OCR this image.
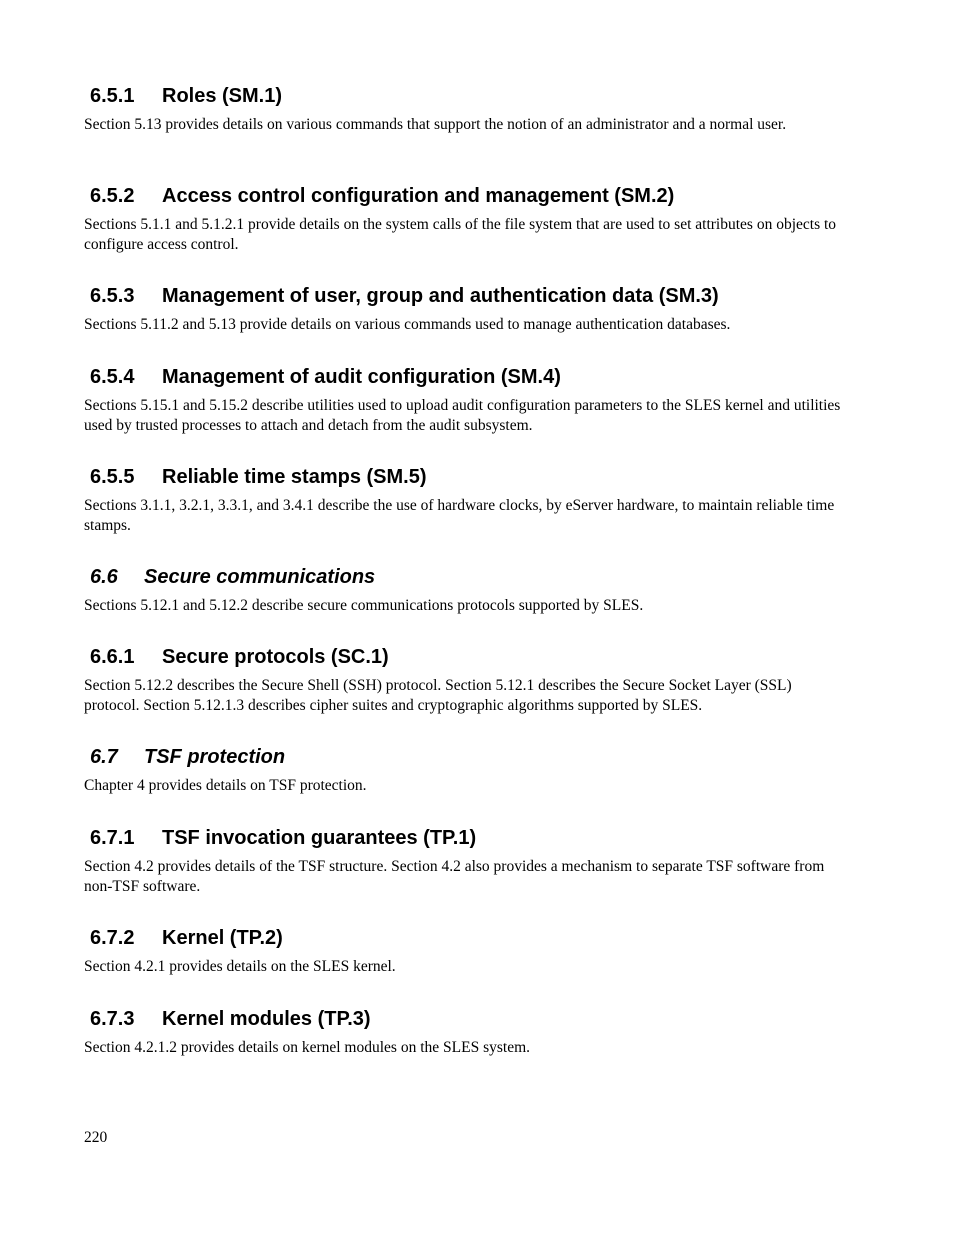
6.5.1 Roles (SM.1)

Section 5.13 provides details on various commands that support the notion of an administrator and a normal user.

6.5.2 Access control configuration and management (SM.2)

Sections 5.1.1 and 5.1.2.1 provide details on the system calls of the file system that are used to set attributes on objects to configure access control.

6.5.3 Management of user, group and authentication data (SM.3)

Sections 5.11.2 and 5.13 provide details on various commands used to manage authentication databases.

6.5.4 Management of audit configuration (SM.4)

Sections 5.15.1 and 5.15.2 describe utilities used to upload audit configuration parameters to the SLES kernel and utilities used by trusted processes to attach and detach from the audit subsystem.

6.5.5 Reliable time stamps (SM.5)

Sections 3.1.1, 3.2.1, 3.3.1, and 3.4.1 describe the use of hardware clocks, by eServer hardware, to maintain reliable time stamps.

6.6 Secure communications

Sections 5.12.1 and 5.12.2 describe secure communications protocols supported by SLES.

6.6.1 Secure protocols (SC.1)

Section 5.12.2 describes the Secure Shell (SSH) protocol. Section 5.12.1 describes the Secure Socket Layer (SSL) protocol. Section 5.12.1.3 describes cipher suites and cryptographic algorithms supported by SLES.

6.7 TSF protection

Chapter 4 provides details on TSF protection.

6.7.1 TSF invocation guarantees (TP.1)

Section 4.2 provides details of the TSF structure. Section 4.2 also provides a mechanism to separate TSF software from non-TSF software.

6.7.2 Kernel (TP.2)

Section 4.2.1 provides details on the SLES kernel.

6.7.3 Kernel modules (TP.3)

Section 4.2.1.2 provides details on kernel modules on the SLES system.

220
